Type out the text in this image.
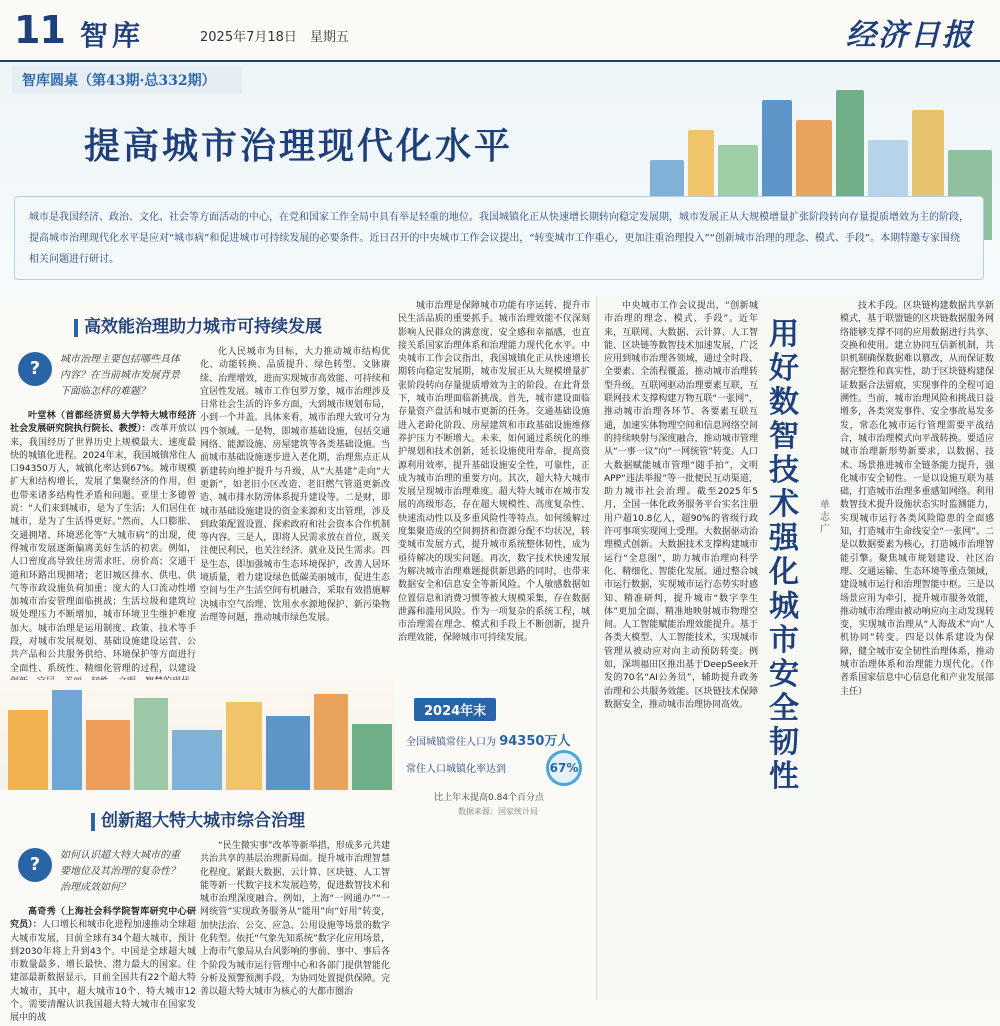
11 智库	2025年7月18日　星期五	经济日报
智库圆桌（第43期·总332期）
提高城市治理现代化水平
城市是我国经济、政治、文化、社会等方面活动的中心，在党和国家工作全局中具有举足轻重的地位。我国城镇化正从快速增长期转向稳定发展期，城市发展正从大规模增量扩张阶段转向存量提质增效为主的阶段，提高城市治理现代化水平是应对“城市病”和促进城市可持续发展的必要条件。近日召开的中央城市工作会议提出，“转变城市工作重心，更加注重治理投入”“创新城市治理的理念、模式、手段”。本期特邀专家围绕相关问题进行研讨。
高效能治理助力城市可持续发展
?	城市治理主要包括哪些具体内容？在当前城市发展背景下面临怎样的难题？

叶堂林（首都经济贸易大学特大城市经济社会发展研究院执行院长、教授）：改革开放以来，我国经历了世界历史上规模最大、速度最快的城镇化进程。2024年末，我国城镇常住人口94350万人，城镇化率达到67%。城市规模扩大和结构增长，发展了集聚经济的作用，但也带来诸多结构性矛盾和问题。亚里士多德曾说：“人们来到城市，是为了生活；人们居住在城市，是为了生活得更好。”然而，人口膨胀、交通拥堵、环境恶化等“大城市病”的出现，使得城市发展逐渐偏离美好生活的初衷。例如，人口密度高导致住房需求旺、房价高；交通干道和环路出现拥堵；老旧城区排水、供电、供气等市政设施负荷加重；庞大的人口流动性增加城市治安管理面临挑战；生活垃圾和建筑垃圾处理压力不断增加，城市环境卫生维护难度加大。城市治理是运用制度、政策、技术等手段，对城市发展规划、基础设施建设运营、公共产品和公共服务供给、环境保护等方面进行全面性、系统性、精细化管理的过程，以建设

化人民城市为目标，大力推动城市结构优化、动能转换、品质提升、绿色转型、文脉赓续、治理增效，进而实现城市高效能、可持续和宜居性发展。城市工作包罗万象，城市治理涉及日常社会生活的许多方面，大到城市规划布局，小到一个井盖。具体来看，城市治理大致可分为四个领域。一是物，即城市基础设施，包括交通网络、能源设施、房屋建筑等各类基础设施。当前城市基础设施逐步进入老化期，治理焦点正从新建转向维护提升与升级，从“大基建”走向“大更新”，如老旧小区改造、老旧燃气管道更新改造、城市排水防涝体系提升建设等。二是财，即城市基础设施建设的资金来源和支出管理，涉及到政策配置设置、探索政府和社会资本合作机制等内容。三是人，即将人民需求放在首位，既关注便民利民，也关注经济、就业及民生需求。四是生态，即加强城市生态环境保护，改善人居环境质量，着力建设绿色低碳美丽城市，促进生态空间与生产生活空间有机融合，采取有效措施解决城市空气治理、饮用水水源地保护、新污染物治理等问题，推动城市绿色发展。

城市治理是保障城市功能有序运转、提升市民生活品质的重要抓手。城市治理效能不仅深刻影响人民群众的满意度、安全感和幸福感，也直接关系国家治理体系和治理能力现代化水平。中央城市工作会议指出，我国城镇化正从快速增长期转向稳定发展期，城市发展正从大规模增量扩张阶段转向存量提质增效为主的阶段。在此背景下，城市治理面临新挑战。首先，城市建设面临存量资产盘活和城市更新的任务。交通基础设施进入老龄化阶段、房屋建筑和市政基础设施维修养护压力不断增大。未来，如何通过系统化的维护规划和技术创新，延长设施使用寿命，提高资源利用效率，提升基础设施安全性，可靠性，正成为城市治理的重要方向。其次，超大特大城市发展呈现城市治理难度。超大特大城市在城市发展的高级形态，存在超大规模性、高度复杂性、快速流动性以及多重风险性等特点。如何缓解过度集聚造成的空间拥挤和资源分配不均状况，转变城市发展方式，提升城市系统整体韧性，成为亟待解决的现实问题。再次，数字技术快速发展为解决城市治理难题提供新思路的同时，也带来数据安全和信息安全等新风险。个人敏感数据如位置信息和消费习惯等被大规模采集，存在数据泄露和滥用风险。作为一项复杂的系统工程，城市治理需在理念、模式和手段上不断创新，提升治理效能，保障城市可持续发展。

2024年末
全国城镇常住人口为 94350万人
常住人口城镇化率达到	67%
比上年末提高0.84个百分点
数据来源：国家统计局
创新超大特大城市综合治理
?	如何认识超大特大城市的重要地位及其治理的复杂性？治理成效如何？

高奇秀（上海社会科学院智库研究中心研究员）：人口增长和城市化进程加速推动全球超大城市发展，目前全球有34个超大城市，预计到2030年将上升到43个。中国是全球超大城市数量最多、增长最快、潜力最大的国家。住建部最新数据显示，目前全国共有22个超大特大城市，其中，超大城市10个、特大城市12个。需要清醒认识我国超大特大城市在国家发展中的战

“民生微实事”改革等新举措，形成多元共建共治共享的基层治理新局面。提升城市治理智慧化程度。紧跟大数据、云计算、区块链、人工智能等新一代数字技术发展趋势，促进数智技术和城市治理深度融合。例如，上海“一网通办”“一网统管”实现政务服务从“能用”向“好用”转变，加快法治、公交、应急、公用设施等场景的数字化转型。依托“气象先知系统”数字化应用场景，上海市气象局从台风影响的事前、事中、事后各个阶段为城市运行管理中心和各部门提供智能化分析及预警预测手段，为协同处置提供保障。完善以超大特大城市为核心的大都市圈治

中央城市工作会议提出，“创新城市治理的理念、模式、手段”。近年来，互联网、大数据、云计算、人工智能、区块链等数智技术加速发展，广泛应用到城市治理各领域，通过全时段、全要素、全流程覆盖，推动城市治理转型升级。互联网驱动治理要素互联，互联网技术支撑构建万物互联“一张网”，推动城市治理各环节、各要素互联互通，加速实体物理空间和信息网络空间的持续映射与深度融合，推动城市管理从“一事一议”向“一网统管”转变。人口大数据赋能城市管理“随手拍”，文明APP“违法举报”等一批便民互动渠道，助力城市社会治理。截至2025年5月，全国一体化政务服务平台实名注册用户超10.8亿人，超90%的省级行政许可事项实现网上受理。大数据驱动治理模式创新。大数据技术支撑构建城市运行“全息图”，助力城市治理向科学化、精细化、智能化发展。通过整合城市运行数据，实现城市运行态势实时感知、精准研判，提升城市“数字孪生体”更加全面、精准地映射城市物理空间。人工智能赋能治理效能提升。基于各类大模型、人工智能技术，实现城市管理从被动应对向主动预防转变。例如，深圳福田区推出基于DeepSeek开发的70名“AI公务员”，辅助提升政务治理和公共服务效能。区块链技术保障数据安全，推动城市治理协同高效。

用好数智技术强化城市安全韧性
单志广

技术手段。区块链构建数据共享新模式，基于联盟链的区块链数据服务网络能够支撑不同的应用数据进行共享、交换和使用。建立协同互信新机制，共识机制确保数据难以篡改，从而保证数据完整性和真实性，助于区块链构建保证数据合法留痕，实现事件的全程可追溯性。当前，城市治理风险和挑战日益增多，各类突发事件、安全事故易发多发，常态化城市运行管理需要平战结合，城市治理模式向平战转换。要适应城市治理新形势新要求，以数据、技术、场景推进城市全链条能力提升，强化城市安全韧性。一是以设施互联为基础，打造城市治理多重感知网络。利用数智技术提升设施状态实时监测能力，实现城市运行各类风险隐患的全面感知，打造城市生命线安全“一张网”。二是以数据要素为核心，打造城市治理智能引擎。聚焦城市规划建设、社区治理、交通运输、生态环境等重点领域，建设城市运行和治理智能中枢。三是以场景应用为牵引，提升城市服务效能，推动城市治理由被动响应向主动发现转变，实现城市治理从“人海战术”向“人机协同”转变。四是以体系建设为保障，健全城市安全韧性治理体系，推动城市治理体系和治理能力现代化。（作者系国家信息中心信息化和产业发展部主任）
